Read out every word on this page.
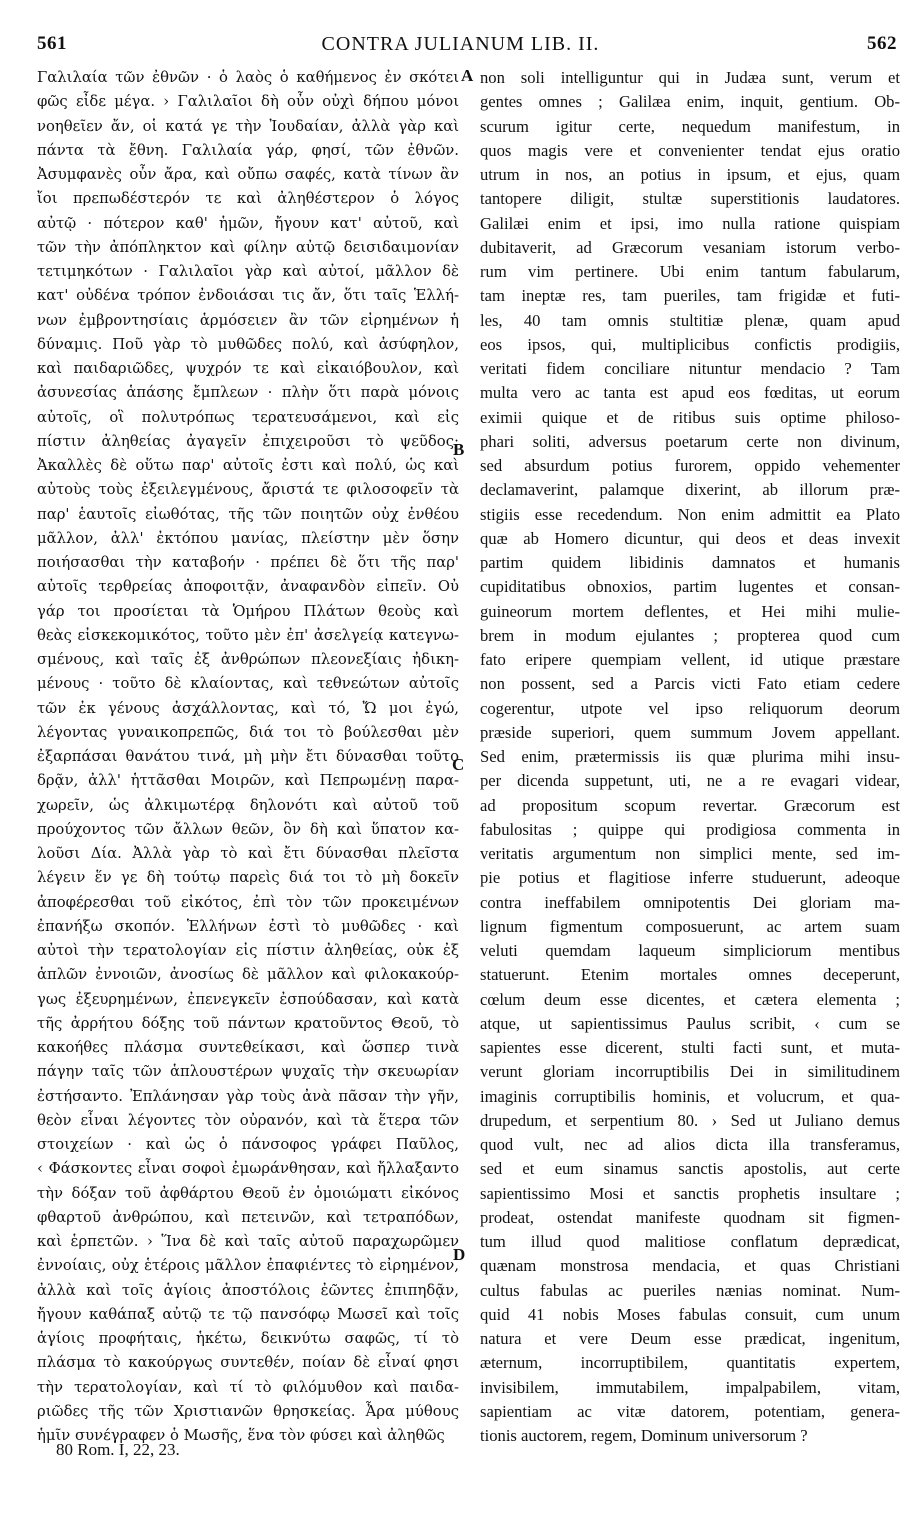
561	CONTRA JULIANUM LIB. II.	562
Γαλιλαία τῶν ἐθνῶν · ὁ λαὸς ὁ καθήμενος ἐν σκότει
φῶς εἶδε μέγα. › Γαλιλαῖοι δὴ οὖν οὐχὶ δήπου μόνοι
νοηθεῖεν ἄν, οἱ κατά γε τὴν Ἰουδαίαν, ἀλλὰ γὰρ καὶ
πάντα τὰ ἔθνη. Γαλιλαία γάρ, φησί, τῶν ἐθνῶν.
Ἀσυμφανὲς οὖν ἄρα, καὶ οὔπω σαφές, κατὰ τίνων ἂν
ἴοι πρεπωδέστερόν τε καὶ ἀληθέστερον ὁ λόγος
αὐτῷ · πότερον καθ' ἡμῶν, ἤγουν κατ' αὐτοῦ, καὶ
τῶν τὴν ἀπόπληκτον καὶ φίλην αὐτῷ δεισιδαιμονίαν
τετιμηκότων · Γαλιλαῖοι γὰρ καὶ αὐτοί, μᾶλλον δὲ
κατ' οὐδένα τρόπον ἐνδοιάσαι τις ἄν, ὅτι ταῖς Ἑλλή-
νων ἐμβροντησίαις ἁρμόσειεν ἂν τῶν εἰρημένων ἡ
δύναμις. Ποῦ γὰρ τὸ μυθῶδες πολύ, καὶ ἀσύφηλον,
καὶ παιδαριῶδες, ψυχρόν τε καὶ εἰκαιόβουλον, καὶ
ἀσυνεσίας ἁπάσης ἔμπλεων · πλὴν ὅτι παρὰ μόνοις
αὐτοῖς, οἳ πολυτρόπως τερατευσάμενοι, καὶ εἰς
πίστιν ἀληθείας ἀγαγεῖν ἐπιχειροῦσι τὸ ψεῦδος;
Ἀκαλλὲς δὲ οὕτω παρ' αὐτοῖς ἐστι καὶ πολύ, ὡς καὶ
αὐτοὺς τοὺς ἐξειλεγμένους, ἄριστά τε φιλοσοφεῖν τὰ
παρ' ἑαυτοῖς εἰωθότας, τῆς τῶν ποιητῶν οὐχ ἐνθέου
μᾶλλον, ἀλλ' ἐκτόπου μανίας, πλείστην μὲν ὅσην
ποιήσασθαι τὴν καταβοήν · πρέπει δὲ ὅτι τῆς παρ'
αὐτοῖς τερθρείας ἀποφοιτᾷν, ἀναφανδὸν εἰπεῖν. Οὐ
γάρ τοι προσίεται τὰ Ὁμήρου Πλάτων θεοὺς καὶ
θεὰς εἰσκεκομικότος, τοῦτο μὲν ἐπ' ἀσελγείᾳ κατεγνω-
σμένους, καὶ ταῖς ἐξ ἀνθρώπων πλεονεξίαις ἠδικη-
μένους · τοῦτο δὲ κλαίοντας, καὶ τεθνεώτων αὐτοῖς
τῶν ἐκ γένους ἀσχάλλοντας, καὶ τό, Ὤ μοι ἐγώ,
λέγοντας γυναικοπρεπῶς, διά τοι τὸ βούλεσθαι μὲν
ἐξαρπάσαι θανάτου τινά, μὴ μὴν ἔτι δύνασθαι τοῦτο
δρᾷν, ἀλλ' ἡττᾶσθαι Μοιρῶν, καὶ Πεπρωμένῃ παρα-
χωρεῖν, ὡς ἀλκιμωτέρᾳ δηλονότι καὶ αὐτοῦ τοῦ
προύχοντος τῶν ἄλλων θεῶν, ὃν δὴ καὶ ὕπατον κα-
λοῦσι Δία. Ἀλλὰ γὰρ τὸ καὶ ἔτι δύνασθαι πλεῖστα
λέγειν ἕν γε δὴ τούτῳ παρεὶς διά τοι τὸ μὴ δοκεῖν
ἀποφέρεσθαι τοῦ εἰκότος, ἐπὶ τὸν τῶν προκειμένων
ἐπανήξω σκοπόν. Ἑλλήνων ἐστὶ τὸ μυθῶδες · καὶ
αὐτοὶ τὴν τερατολογίαν εἰς πίστιν ἀληθείας, οὐκ ἐξ
ἁπλῶν ἐννοιῶν, ἀνοσίως δὲ μᾶλλον καὶ φιλοκακούρ-
γως ἐξευρημένων, ἐπενεγκεῖν ἐσπούδασαν, καὶ κατὰ
τῆς ἀρρήτου δόξης τοῦ πάντων κρατοῦντος Θεοῦ, τὸ
κακοήθες πλάσμα συντεθείκασι, καὶ ὥσπερ τινὰ
πάγην ταῖς τῶν ἁπλουστέρων ψυχαῖς τὴν σκευωρίαν
ἐστήσαντο. Ἐπλάνησαν γὰρ τοὺς ἀνὰ πᾶσαν τὴν γῆν,
θεὸν εἶναι λέγοντες τὸν οὐρανόν, καὶ τὰ ἕτερα τῶν
στοιχείων · καὶ ὡς ὁ πάνσοφος γράφει Παῦλος,
‹ Φάσκοντες εἶναι σοφοὶ ἐμωράνθησαν, καὶ ἤλλαξαντο
τὴν δόξαν τοῦ ἀφθάρτου Θεοῦ ἐν ὁμοιώματι εἰκόνος
φθαρτοῦ ἀνθρώπου, καὶ πετεινῶν, καὶ τετραπόδων,
καὶ ἑρπετῶν. › Ἵνα δὲ καὶ ταῖς αὐτοῦ παραχωρῶμεν
ἐννοίαις, οὐχ ἑτέροις μᾶλλον ἐπαφιέντες τὸ εἰρημένον,
ἀλλὰ καὶ τοῖς ἁγίοις ἀποστόλοις ἐῶντες ἐπιπηδᾷν,
ἤγουν καθάπαξ αὐτῷ τε τῷ πανσόφῳ Μωσεῖ καὶ τοῖς
ἁγίοις προφήταις, ἡκέτω, δεικνύτω σαφῶς, τί τὸ
πλάσμα τὸ κακούργως συντεθέν, ποίαν δὲ εἶναί φησι
τὴν τερατολογίαν, καὶ τί τὸ φιλόμυθον καὶ παιδα-
ριῶδες τῆς τῶν Χριστιανῶν θρησκείας. Ἆρα μύθους
ἡμῖν συνέγραφεν ὁ Μωσῆς, ἕνα τὸν φύσει καὶ ἀληθῶς
non soli intelliguntur qui in Judæa sunt, verum et
gentes omnes ; Galilæa enim, inquit, gentium. Ob-
scurum igitur certe, nequedum manifestum, in
quos magis vere et convenienter tendat ejus oratio
utrum in nos, an potius in ipsum, et ejus, quam
tantopere diligit, stultæ superstitionis laudatores.
Galilæi enim et ipsi, imo nulla ratione quispiam
dubitaverit, ad Græcorum vesaniam istorum verbo-
rum vim pertinere. Ubi enim tantum fabularum,
tam ineptæ res, tam pueriles, tam frigidæ et futi-
les, 40 tam omnis stultitiæ plenæ, quam apud
eos ipsos, qui, multiplicibus confictis prodigiis,
veritati fidem conciliare nituntur mendacio ? Tam
multa vero ac tanta est apud eos fœditas, ut eorum
eximii quique et de ritibus suis optime philoso-
phari soliti, adversus poetarum certe non divinum,
sed absurdum potius furorem, oppido vehementer
declamaverint, palamque dixerint, ab illorum præ-
stigiis esse recedendum. Non enim admittit ea Plato
quæ ab Homero dicuntur, qui deos et deas invexit
partim quidem libidinis damnatos et humanis
cupiditatibus obnoxios, partim lugentes et consan-
guineorum mortem deflentes, et Hei mihi mulie-
brem in modum ejulantes ; propterea quod cum
fato eripere quempiam vellent, id utique præstare
non possent, sed a Parcis victi Fato etiam cedere
cogerentur, utpote vel ipso reliquorum deorum
præside superiori, quem summum Jovem appellant.
Sed enim, prætermissis iis quæ plurima mihi insu-
per dicenda suppetunt, uti, ne a re evagari videar,
ad propositum scopum revertar. Græcorum est
fabulositas ; quippe qui prodigiosa commenta in
veritatis argumentum non simplici mente, sed im-
pie potius et flagitiose inferre studuerunt, adeoque
contra ineffabilem omnipotentis Dei gloriam ma-
lignum figmentum composuerunt, ac artem suam
veluti quemdam laqueum simpliciorum mentibus
statuerunt. Etenim mortales omnes deceperunt,
cœlum deum esse dicentes, et cætera elementa ;
atque, ut sapientissimus Paulus scribit, ‹ cum se
sapientes esse dicerent, stulti facti sunt, et muta-
verunt gloriam incorruptibilis Dei in similitudinem
imaginis corruptibilis hominis, et volucrum, et qua-
drupedum, et serpentium 80. › Sed ut Juliano demus
quod vult, nec ad alios dicta illa transferamus,
sed et eum sinamus sanctis apostolis, aut certe
sapientissimo Mosi et sanctis prophetis insultare ;
prodeat, ostendat manifeste quodnam sit figmen-
tum illud quod malitiose conflatum deprædicat,
quænam monstrosa mendacia, et quas Christiani
cultus fabulas ac pueriles nænias nominat. Num-
quid 41 nobis Moses fabulas consuit, cum unum
natura et vere Deum esse prædicat, ingenitum,
æternum, incorruptibilem, quantitatis expertem,
invisibilem, immutabilem, impalpabilem, vitam,
sapientiam ac vitæ datorem, potentiam, genera-
tionis auctorem, regem, Dominum universorum ?
A
B
C
D
80 Rom. I, 22, 23.
